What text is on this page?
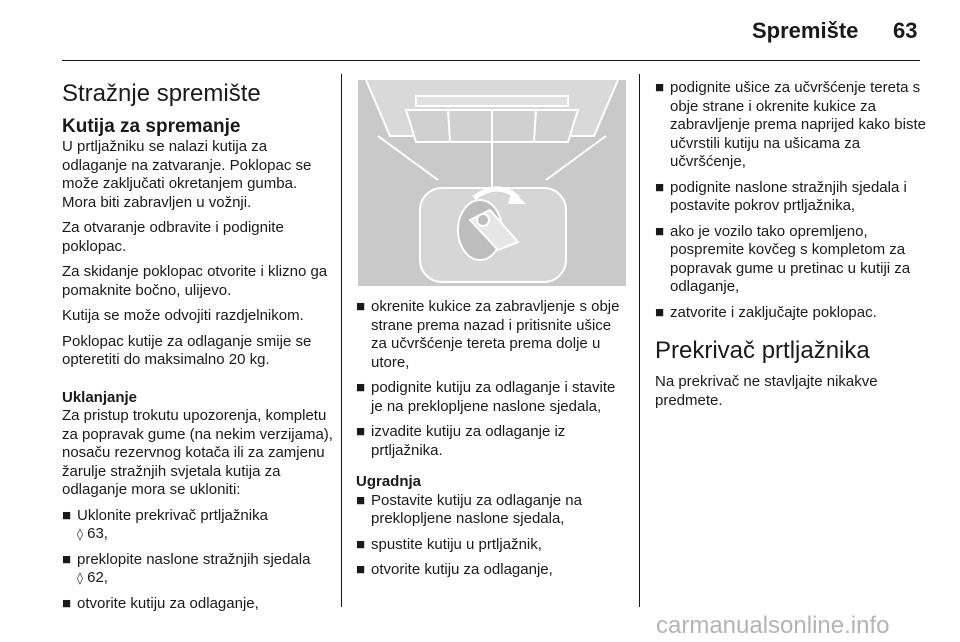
Spremište 63
Stražnje spremište
Kutija za spremanje

U prtljažniku se nalazi kutija za odlaganje na zatvaranje. Poklopac se može zaključati okretanjem gumba. Mora biti zabravljen u vožnji.

Za otvaranje odbravite i podignite poklopac.

Za skidanje poklopac otvorite i klizno ga pomaknite bočno, ulijevo.

Kutija se može odvojiti razdjelnikom.

Poklopac kutije za odlaganje smije se opteretiti do maksimalno 20 kg.

Uklanjanje

Za pristup trokutu upozorenja, kompletu za popravak gume (na nekim verzijama), nosaču rezervnog kotača ili za zamjenu žarulje stražnjih svjetala kutija za odlaganje mora se ukloniti:

■ Uklonite prekrivač prtljažnika
◊ 63,
■ preklopite naslone stražnjih sjedala
◊ 62,
■ otvorite kutiju za odlaganje,
■ okrenite kukice za zabravljenje s obje strane prema nazad i pritisnite ušice za učvršćenje tereta prema dolje u utore,
■ podignite kutiju za odlaganje i stavite je na preklopljene naslone sjedala,
■ izvadite kutiju za odlaganje iz prtljažnika.
Ugradnja
■ Postavite kutiju za odlaganje na preklopljene naslone sjedala,
■ spustite kutiju u prtljažnik,
■ otvorite kutiju za odlaganje,
■ podignite ušice za učvršćenje tereta s obje strane i okrenite kukice za zabravljenje prema naprijed kako biste učvrstili kutiju na ušicama za učvršćenje,
■ podignite naslone stražnjih sjedala i postavite pokrov prtljažnika,
■ ako je vozilo tako opremljeno, pospremite kovčeg s kompletom za popravak gume u pretinac u kutiji za odlaganje,
■ zatvorite i zaključajte poklopac.
Prekrivač prtljažnika

Na prekrivač ne stavljajte nikakve predmete.

carmanualsonline.info
